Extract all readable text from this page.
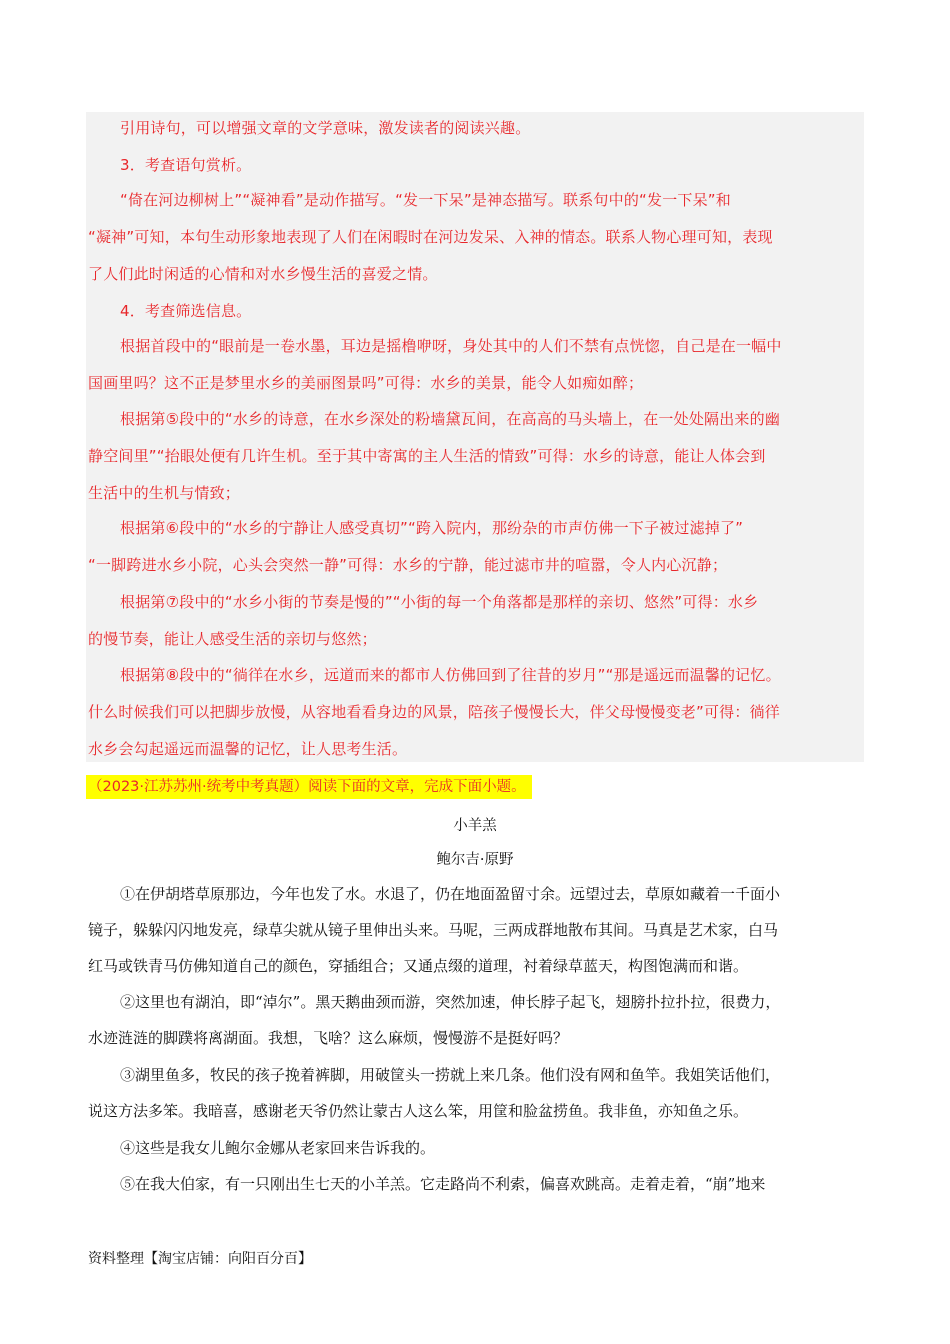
引用诗句，可以增强文章的文学意味，激发读者的阅读兴趣。

3．考查语句赏析。

“倚在河边柳树上”“凝神看”是动作描写。“发一下呆”是神态描写。联系句中的“发一下呆”和
“凝神”可知，本句生动形象地表现了人们在闲暇时在河边发呆、入神的情态。联系人物心理可知，表现
了人们此时闲适的心情和对水乡慢生活的喜爱之情。

4．考查筛选信息。

根据首段中的“眼前是一卷水墨，耳边是摇橹咿呀，身处其中的人们不禁有点恍惚，自己是在一幅中
国画里吗？这不正是梦里水乡的美丽图景吗”可得：水乡的美景，能令人如痴如醉；

根据第⑤段中的“水乡的诗意，在水乡深处的粉墙黛瓦间，在高高的马头墙上，在一处处隔出来的幽
静空间里”“抬眼处便有几许生机。至于其中寄寓的主人生活的情致”可得：水乡的诗意，能让人体会到
生活中的生机与情致；

根据第⑥段中的“水乡的宁静让人感受真切”“跨入院内，那纷杂的市声仿佛一下子被过滤掉了”
“一脚跨进水乡小院，心头会突然一静”可得：水乡的宁静，能过滤市井的喧嚣，令人内心沉静；

根据第⑦段中的“水乡小街的节奏是慢的”“小街的每一个角落都是那样的亲切、悠然”可得：水乡
的慢节奏，能让人感受生活的亲切与悠然；

根据第⑧段中的“徜徉在水乡，远道而来的都市人仿佛回到了往昔的岁月”“那是遥远而温馨的记忆。
什么时候我们可以把脚步放慢，从容地看看身边的风景，陪孩子慢慢长大，伴父母慢慢变老”可得：徜徉
水乡会勾起遥远而温馨的记忆，让人思考生活。

（2023·江苏苏州·统考中考真题）阅读下面的文章，完成下面小题。
小羊羔
鲍尔吉·原野

①在伊胡塔草原那边，今年也发了水。水退了，仍在地面盈留寸余。远望过去，草原如藏着一千面小
镜子，躲躲闪闪地发亮，绿草尖就从镜子里伸出头来。马呢，三两成群地散布其间。马真是艺术家，白马
红马或铁青马仿佛知道自己的颜色，穿插组合；又通点缀的道理，衬着绿草蓝天，构图饱满而和谐。

②这里也有湖泊，即“淖尔”。黑天鹅曲颈而游，突然加速，伸长脖子起飞，翅膀扑拉扑拉，很费力，
水迹涟涟的脚蹼将离湖面。我想，飞啥？这么麻烦，慢慢游不是挺好吗？

③湖里鱼多，牧民的孩子挽着裤脚，用破筐头一捞就上来几条。他们没有网和鱼竿。我姐笑话他们，
说这方法多笨。我暗喜，感谢老天爷仍然让蒙古人这么笨，用筐和脸盆捞鱼。我非鱼，亦知鱼之乐。

④这些是我女儿鲍尔金娜从老家回来告诉我的。

⑤在我大伯家，有一只刚出生七天的小羊羔。它走路尚不利索，偏喜欢跳高。走着走着，“崩”地来

资料整理【淘宝店铺：向阳百分百】
